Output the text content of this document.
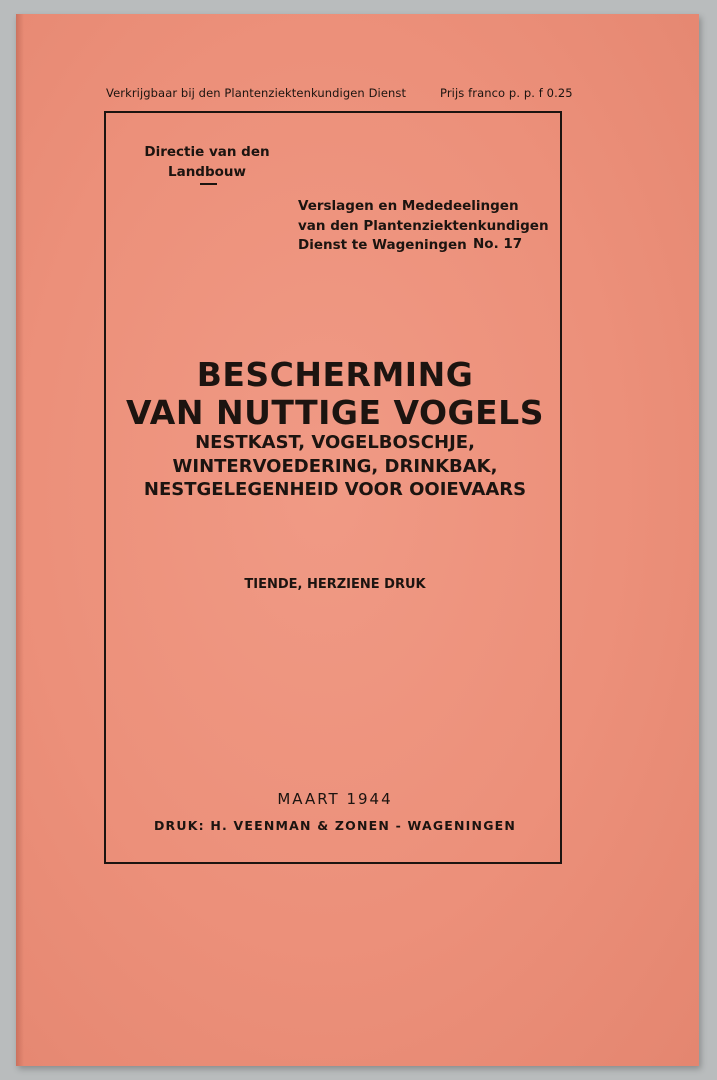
Verkrijgbaar bij den Plantenziektenkundigen Dienst	Prijs franco p. p. f 0.25
Directie van den
Landbouw
Verslagen en Mededeelingen
van den Plantenziektenkundigen
Dienst te Wageningen No. 17
BESCHERMING
VAN NUTTIGE VOGELS
NESTKAST, VOGELBOSCHJE,
WINTERVOEDERING, DRINKBAK,
NESTGELEGENHEID VOOR OOIEVAARS
TIENDE, HERZIENE DRUK
MAART 1944
DRUK: H. VEENMAN & ZONEN - WAGENINGEN
